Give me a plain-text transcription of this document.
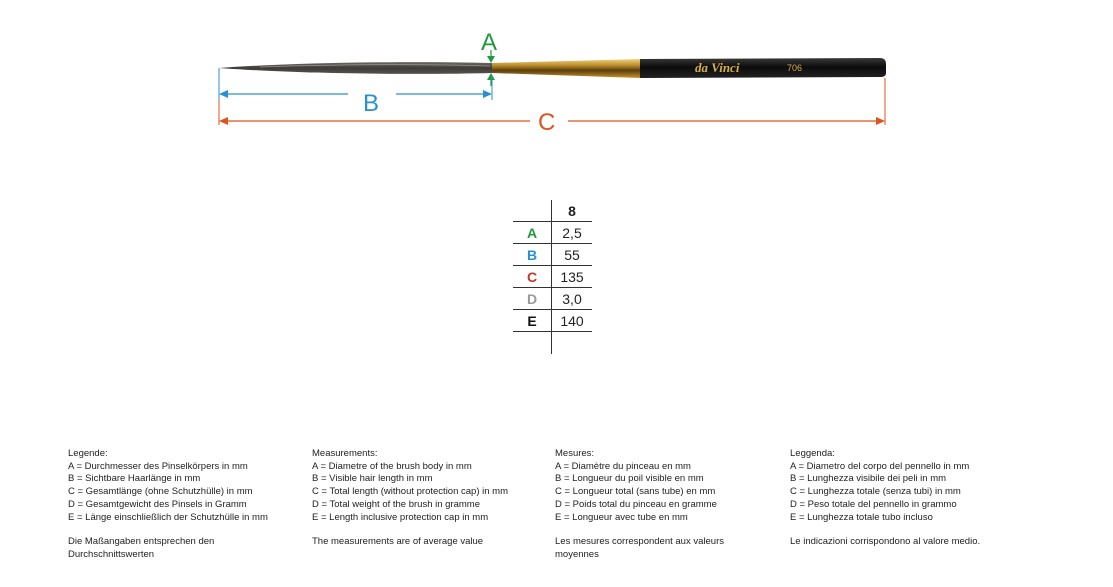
da Vinci	706
A
B
C
	8
A	2,5
B	55
C	135
D	3,0
E	140

Legende:
A = Durchmesser des Pinselkörpers in mm
B = Sichtbare Haarlänge in mm
C = Gesamtlänge (ohne Schutzhülle) in mm
D = Gesamtgewicht des Pinsels in Gramm
E = Länge einschließlich der Schutzhülle in mm
Die Maßangaben entsprechen den Durchschnittswerten
Measurements:
A = Diametre of the brush body in mm
B = Visible hair length in mm
C = Total length (without protection cap) in mm
D = Total weight of the brush in gramme
E = Length inclusive protection cap in mm
The measurements are of average value
Mesures:
A = Diamètre du pinceau en mm
B = Longueur du poil visible en mm
C = Longueur total (sans tube) en mm
D = Poids total du pinceau en gramme
E = Longueur avec tube en mm
Les mesures correspondent aux valeurs moyennes
Leggenda:
A = Diametro del corpo del pennello in mm
B = Lunghezza visibile dei peli in mm
C = Lunghezza totale (senza tubi) in mm
D = Peso totale del pennello in grammo
E = Lunghezza totale tubo incluso
Le indicazioni corrispondono al valore medio.
